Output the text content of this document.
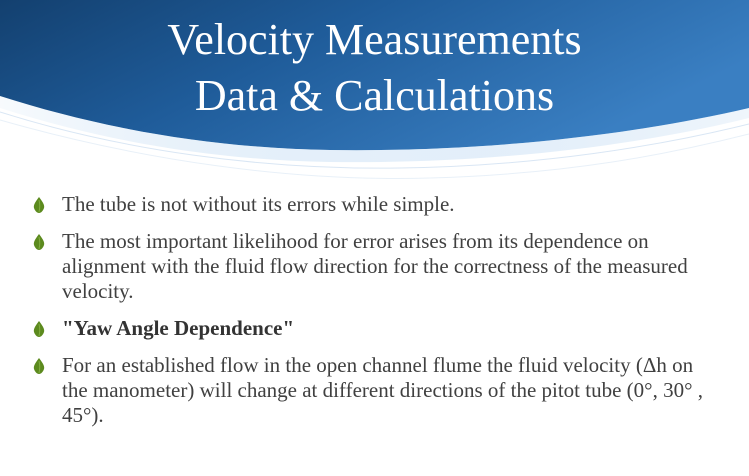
Velocity Measurements
Data & Calculations
The tube is not without its errors while simple.
The most important likelihood for error arises from its dependence on alignment with the fluid flow direction for the correctness of the measured velocity.
"Yaw Angle Dependence"
For an established flow in the open channel flume the fluid velocity (Δh on the manometer) will change at different directions of the pitot tube (0°, 30° , 45°).
